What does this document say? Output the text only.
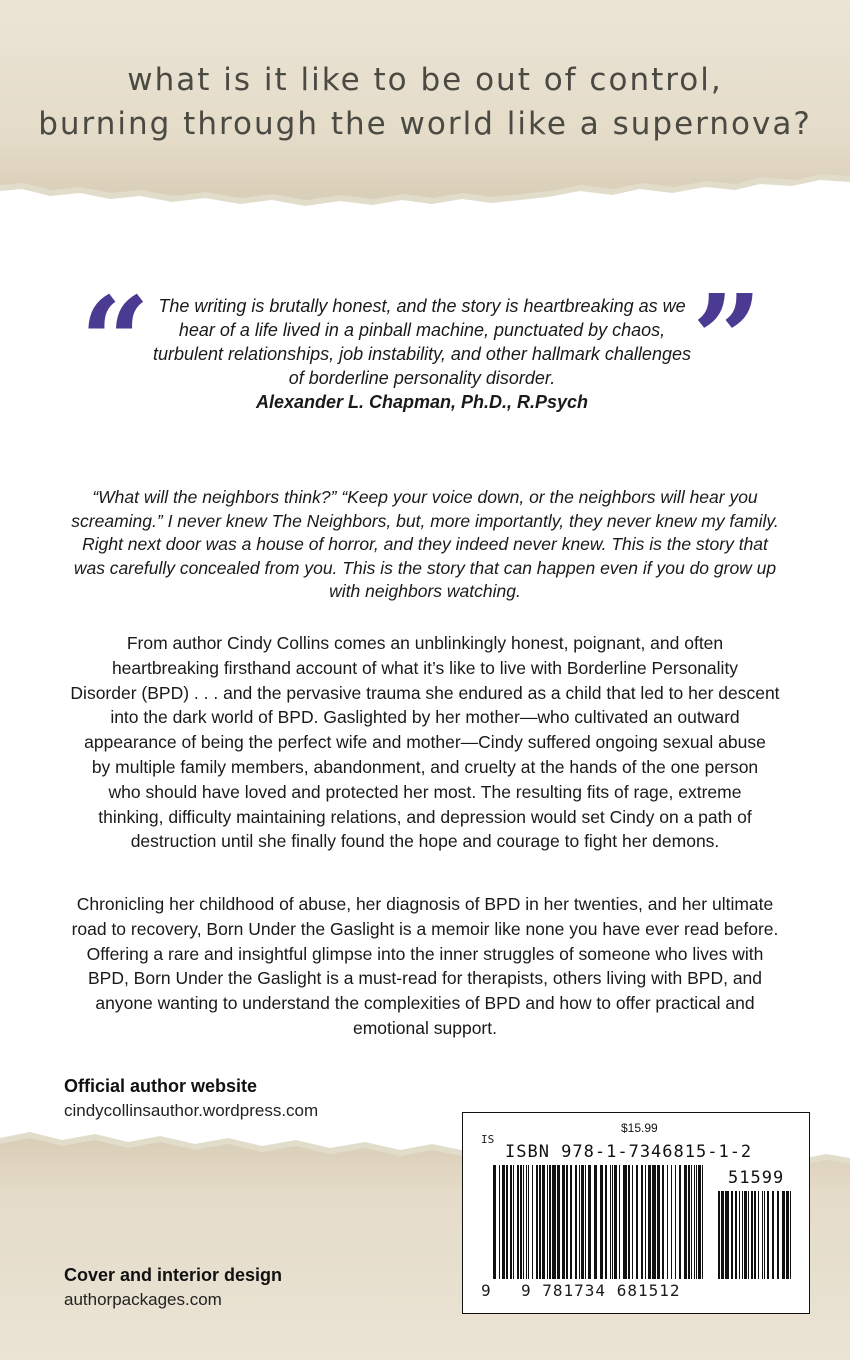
what is it like to be out of control,
burning through the world like a supernova?

“ The writing is brutally honest, and the story is heartbreaking as we
hear of a life lived in a pinball machine, punctuated by chaos,
turbulent relationships, job instability, and other hallmark challenges
of borderline personality disorder.
Alexander L. Chapman, Ph.D., R.Psych ”

“What will the neighbors think?” “Keep your voice down, or the neighbors will hear you
screaming.” I never knew The Neighbors, but, more importantly, they never knew my family.
Right next door was a house of horror, and they indeed never knew. This is the story that
was carefully concealed from you. This is the story that can happen even if you do grow up
with neighbors watching.

From author Cindy Collins comes an unblinkingly honest, poignant, and often
heartbreaking firsthand account of what it’s like to live with Borderline Personality
Disorder (BPD) . . . and the pervasive trauma she endured as a child that led to her descent
into the dark world of BPD. Gaslighted by her mother—who cultivated an outward
appearance of being the perfect wife and mother—Cindy suffered ongoing sexual abuse
by multiple family members, abandonment, and cruelty at the hands of the one person
who should have loved and protected her most. The resulting fits of rage, extreme
thinking, difficulty maintaining relations, and depression would set Cindy on a path of
destruction until she finally found the hope and courage to fight her demons.

Chronicling her childhood of abuse, her diagnosis of BPD in her twenties, and her ultimate
road to recovery, Born Under the Gaslight is a memoir like none you have ever read before.
Offering a rare and insightful glimpse into the inner struggles of someone who lives with
BPD, Born Under the Gaslight is a must-read for therapists, others living with BPD, and
anyone wanting to understand the complexities of BPD and how to offer practical and
emotional support.

Official author website
cindycollinsauthor.wordpress.com
Cover and interior design
authorpackages.com
$15.99
IS
ISBN 978-1-7346815-1-2
51599
9 9 781734 681512
